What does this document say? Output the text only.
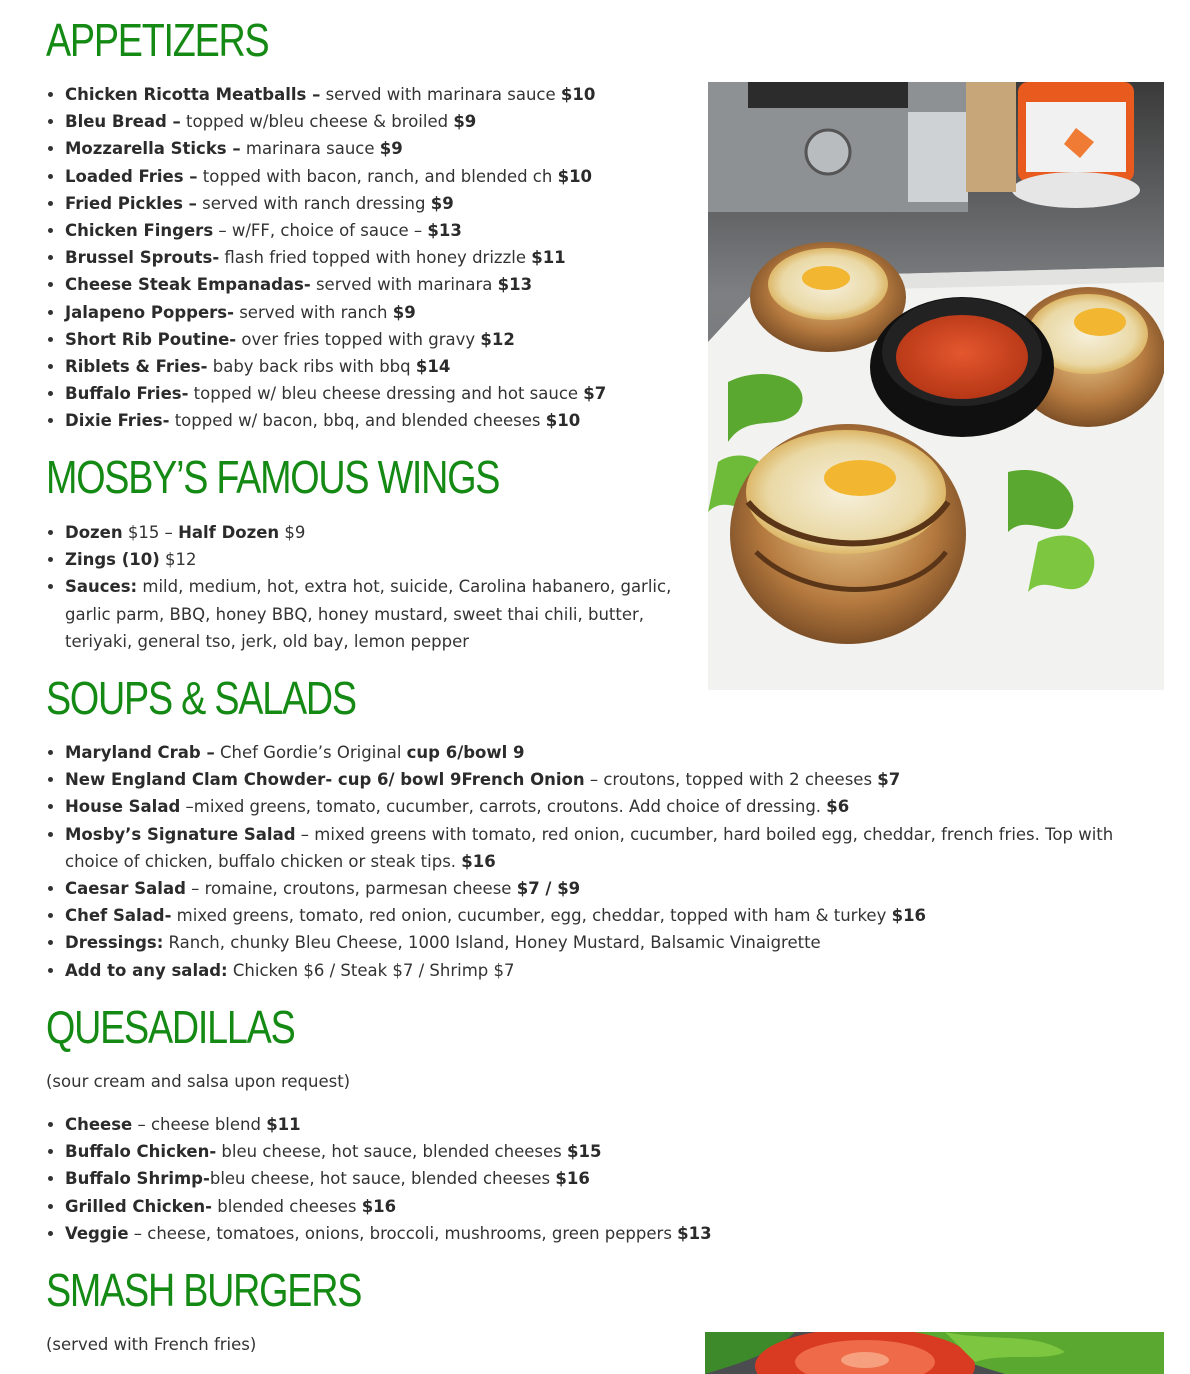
APPETIZERS
• Chicken Ricotta Meatballs – served with marinara sauce $10
• Bleu Bread – topped w/bleu cheese & broiled $9
• Mozzarella Sticks – marinara sauce $9
• Loaded Fries – topped with bacon, ranch, and blended ch $10
• Fried Pickles – served with ranch dressing $9
• Chicken Fingers – w/FF, choice of sauce – $13
• Brussel Sprouts- flash fried topped with honey drizzle $11
• Cheese Steak Empanadas- served with marinara $13
• Jalapeno Poppers- served with ranch $9
• Short Rib Poutine- over fries topped with gravy $12
• Riblets & Fries- baby back ribs with bbq $14
• Buffalo Fries- topped w/ bleu cheese dressing and hot sauce $7
• Dixie Fries- topped w/ bacon, bbq, and blended cheeses $10
MOSBY’S FAMOUS WINGS
• Dozen $15 – Half Dozen $9
• Zings (10) $12
• Sauces: mild, medium, hot, extra hot, suicide, Carolina habanero, garlic, garlic parm, BBQ, honey BBQ, honey mustard, sweet thai chili, butter, teriyaki, general tso, jerk, old bay, lemon pepper
SOUPS & SALADS
• Maryland Crab – Chef Gordie’s Original cup 6/bowl 9
• New England Clam Chowder- cup 6/ bowl 9French Onion – croutons, topped with 2 cheeses $7
• House Salad –mixed greens, tomato, cucumber, carrots, croutons. Add choice of dressing. $6
• Mosby’s Signature Salad – mixed greens with tomato, red onion, cucumber, hard boiled egg, cheddar, french fries. Top with choice of chicken, buffalo chicken or steak tips. $16
• Caesar Salad – romaine, croutons, parmesan cheese $7 / $9
• Chef Salad- mixed greens, tomato, red onion, cucumber, egg, cheddar, topped with ham & turkey $16
• Dressings: Ranch, chunky Bleu Cheese, 1000 Island, Honey Mustard, Balsamic Vinaigrette
• Add to any salad: Chicken $6 / Steak $7 / Shrimp $7
QUESADILLAS

(sour cream and salsa upon request)

• Cheese – cheese blend $11
• Buffalo Chicken- bleu cheese, hot sauce, blended cheeses $15
• Buffalo Shrimp-bleu cheese, hot sauce, blended cheeses $16
• Grilled Chicken- blended cheeses $16
• Veggie – cheese, tomatoes, onions, broccoli, mushrooms, green peppers $13
SMASH BURGERS

(served with French fries)
